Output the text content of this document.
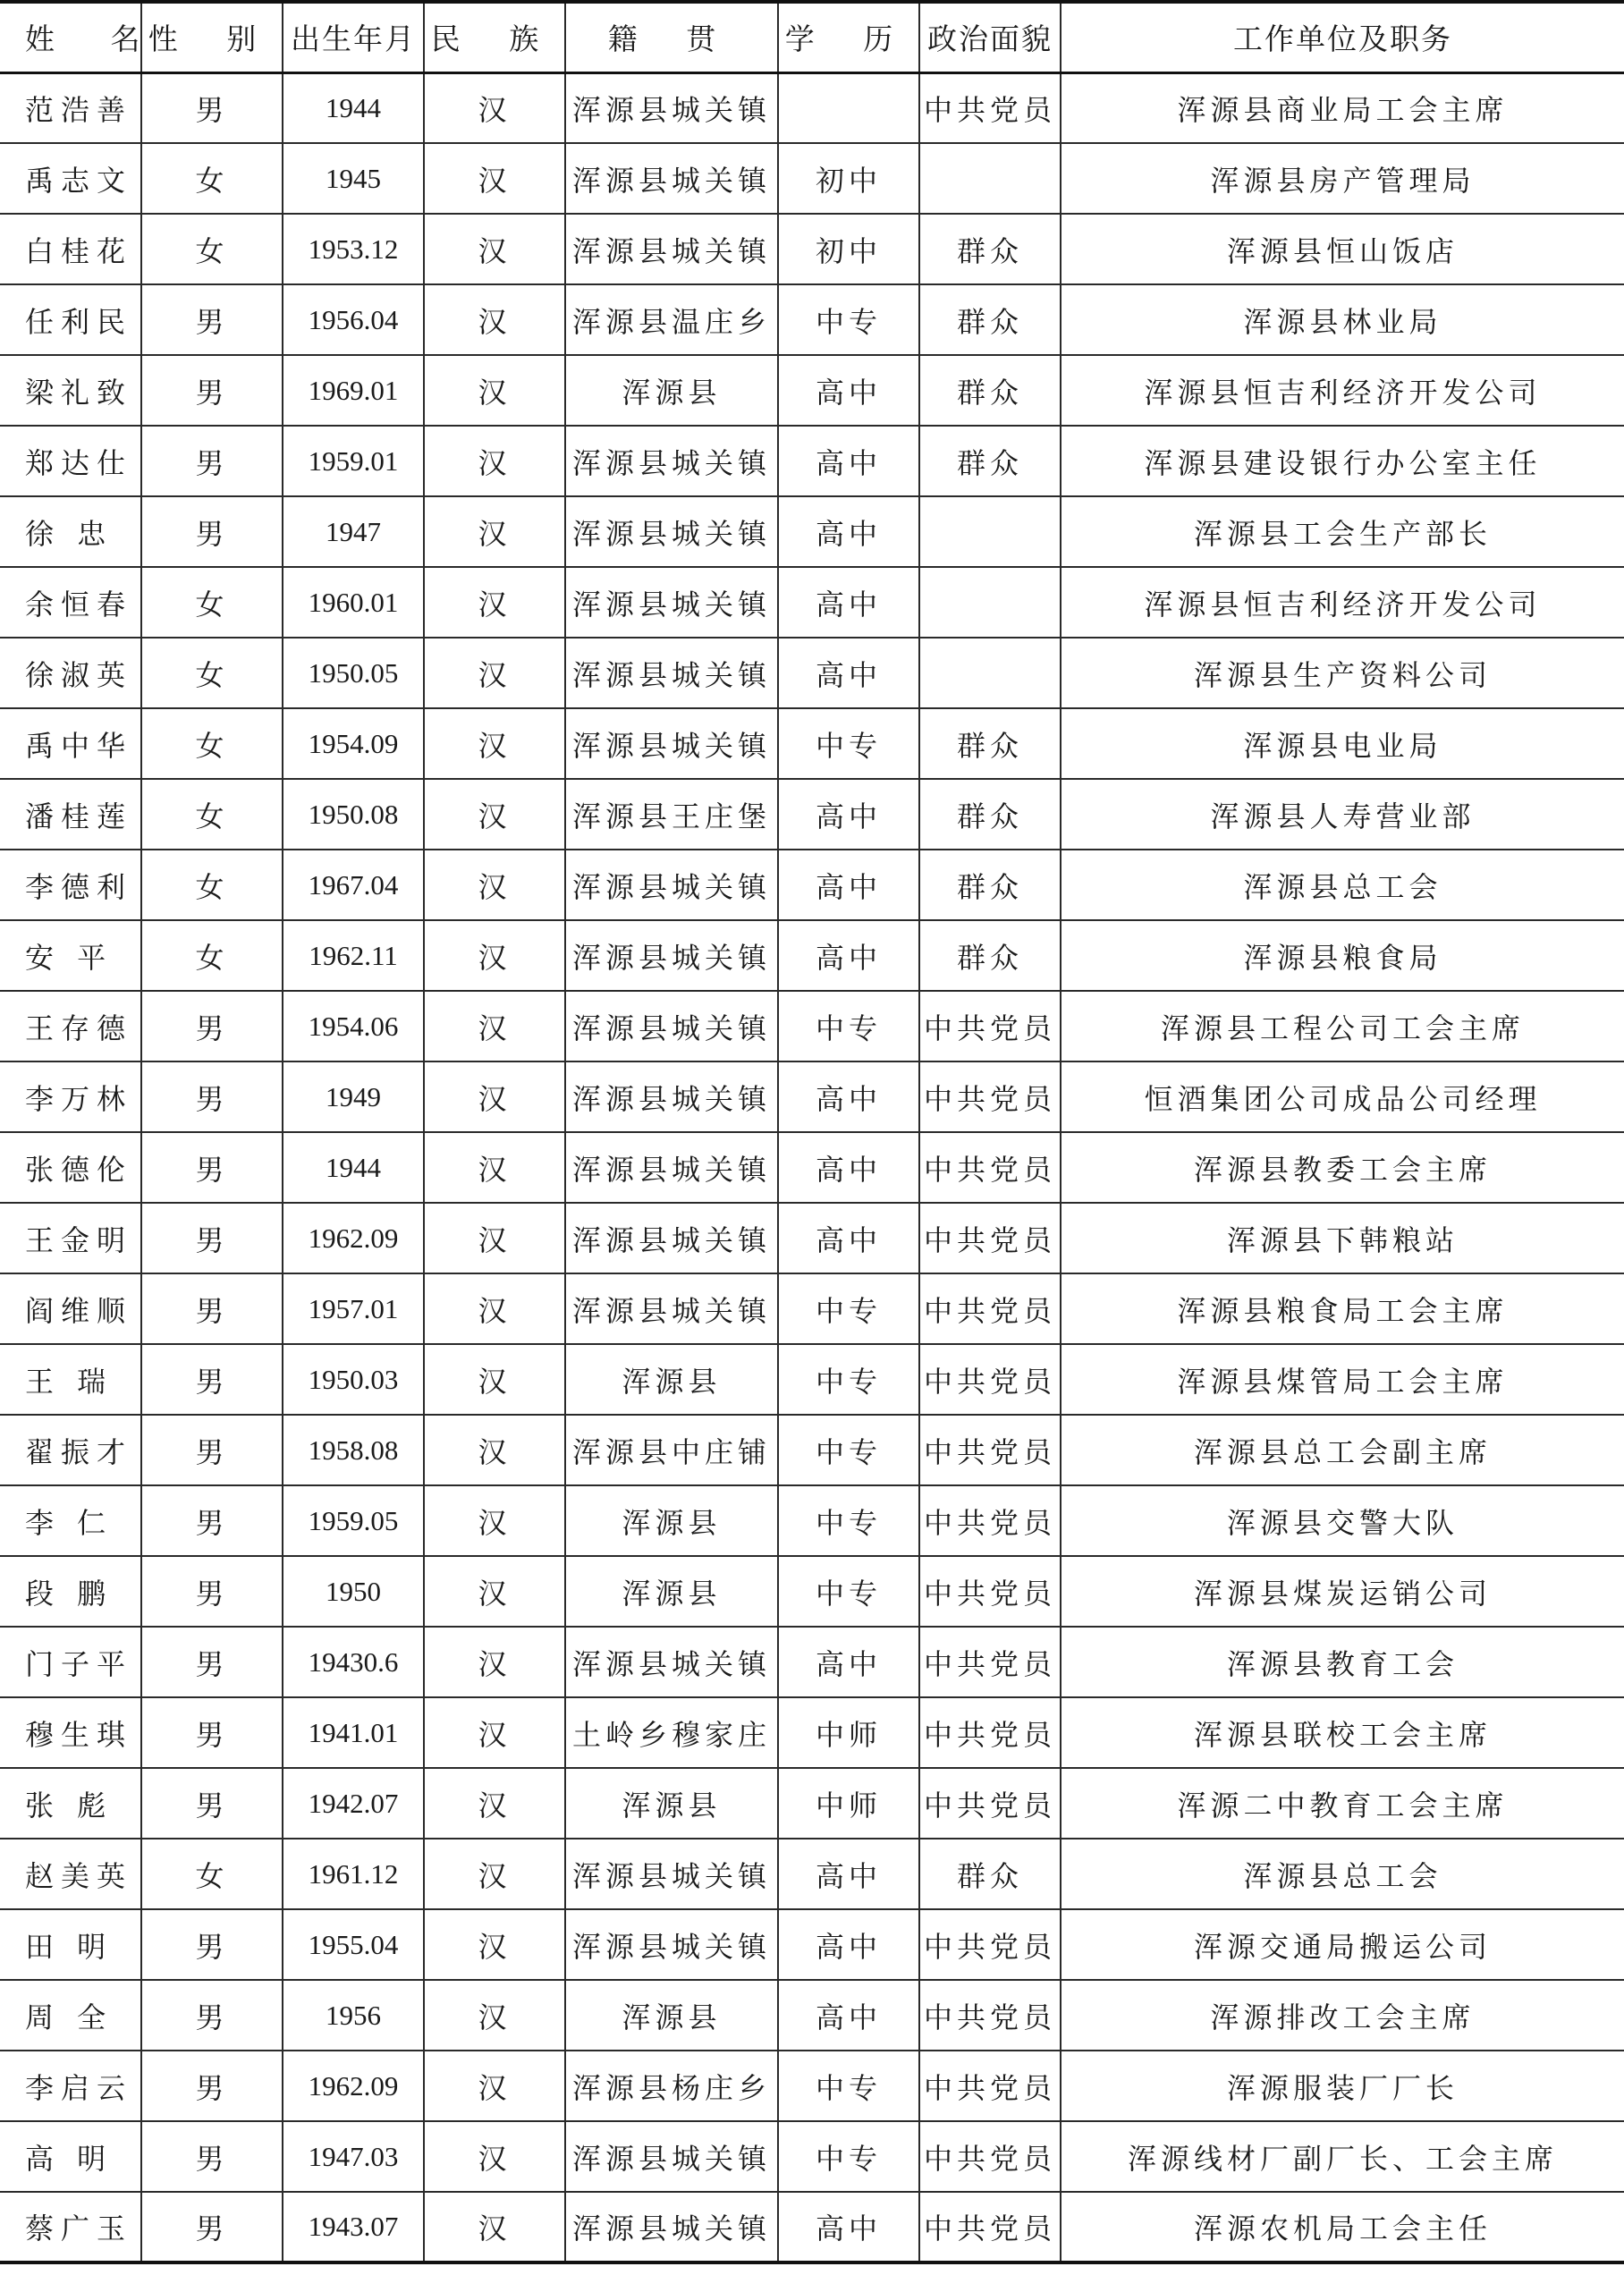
姓 名	性 别	出生年月	民 族	籍 贯	学 历	政治面貌	工作单位及职务
范浩善	男	1944	汉	浑源县城关镇		中共党员	浑源县商业局工会主席
禹志文	女	1945	汉	浑源县城关镇	初中		浑源县房产管理局
白桂花	女	1953.12	汉	浑源县城关镇	初中	群众	浑源县恒山饭店
任利民	男	1956.04	汉	浑源县温庄乡	中专	群众	浑源县林业局
梁礼致	男	1969.01	汉	浑源县	高中	群众	浑源县恒吉利经济开发公司
郑达仕	男	1959.01	汉	浑源县城关镇	高中	群众	浑源县建设银行办公室主任
徐 忠	男	1947	汉	浑源县城关镇	高中		浑源县工会生产部长
余恒春	女	1960.01	汉	浑源县城关镇	高中		浑源县恒吉利经济开发公司
徐淑英	女	1950.05	汉	浑源县城关镇	高中		浑源县生产资料公司
禹中华	女	1954.09	汉	浑源县城关镇	中专	群众	浑源县电业局
潘桂莲	女	1950.08	汉	浑源县王庄堡	高中	群众	浑源县人寿营业部
李德利	女	1967.04	汉	浑源县城关镇	高中	群众	浑源县总工会
安 平	女	1962.11	汉	浑源县城关镇	高中	群众	浑源县粮食局
王存德	男	1954.06	汉	浑源县城关镇	中专	中共党员	浑源县工程公司工会主席
李万林	男	1949	汉	浑源县城关镇	高中	中共党员	恒酒集团公司成品公司经理
张德伦	男	1944	汉	浑源县城关镇	高中	中共党员	浑源县教委工会主席
王金明	男	1962.09	汉	浑源县城关镇	高中	中共党员	浑源县下韩粮站
阎维顺	男	1957.01	汉	浑源县城关镇	中专	中共党员	浑源县粮食局工会主席
王 瑞	男	1950.03	汉	浑源县	中专	中共党员	浑源县煤管局工会主席
翟振才	男	1958.08	汉	浑源县中庄铺	中专	中共党员	浑源县总工会副主席
李 仁	男	1959.05	汉	浑源县	中专	中共党员	浑源县交警大队
段 鹏	男	1950	汉	浑源县	中专	中共党员	浑源县煤炭运销公司
门子平	男	19430.6	汉	浑源县城关镇	高中	中共党员	浑源县教育工会
穆生琪	男	1941.01	汉	土岭乡穆家庄	中师	中共党员	浑源县联校工会主席
张 彪	男	1942.07	汉	浑源县	中师	中共党员	浑源二中教育工会主席
赵美英	女	1961.12	汉	浑源县城关镇	高中	群众	浑源县总工会
田 明	男	1955.04	汉	浑源县城关镇	高中	中共党员	浑源交通局搬运公司
周 全	男	1956	汉	浑源县	高中	中共党员	浑源排改工会主席
李启云	男	1962.09	汉	浑源县杨庄乡	中专	中共党员	浑源服装厂厂长
高 明	男	1947.03	汉	浑源县城关镇	中专	中共党员	浑源线材厂副厂长、工会主席
蔡广玉	男	1943.07	汉	浑源县城关镇	高中	中共党员	浑源农机局工会主任
